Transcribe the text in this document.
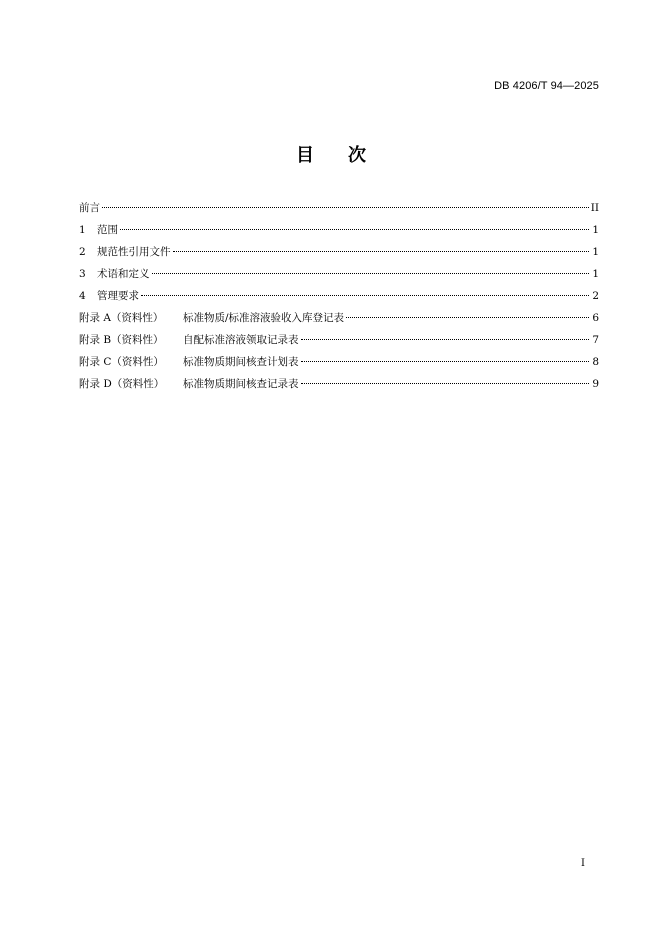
DB 4206/T 94—2025
目 次
前言	II
1	范围	1
2	规范性引用文件	1
3	术语和定义	1
4	管理要求	2
附录 A（资料性）	标准物质/标准溶液验收入库登记表	6
附录 B（资料性）	自配标准溶液领取记录表	7
附录 C（资料性）	标准物质期间核查计划表	8
附录 D（资料性）	标准物质期间核查记录表	9
I
